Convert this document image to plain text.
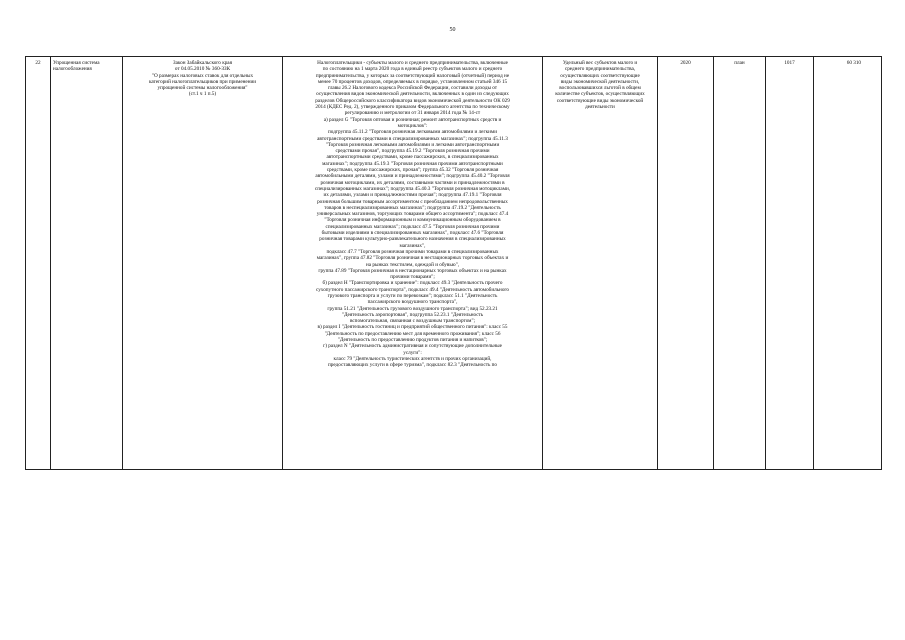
50
22	Упрощенная система
налогообложения

Закон Забайкальского края
от 04.05.2010 № 360-ЗЗК
"О размерах налоговых ставок для отдельных
категорий налогоплательщиков при применении
упрощенной системы налогообложения"
(ст.1 ч 1 п.5)

Налогоплательщики - субъекты малого и среднего предпринимательства, включенные
по состоянию на 1 марта 2020 года в единый реестр субъектов малого и среднего
предпринимательства, у которых за соответствующий налоговый (отчетный) период не
менее 70 процентов доходов, определяемых в порядке, установленном статьей 346 15
главы 26.2 Налогового кодекса Российской Федерации, составили доходы от
осуществления видов экономической деятельности, включенных в один из следующих
разделов Общероссийского классификатора видов экономической деятельности ОК 029
2014 (КДЕС Ред. 2), утвержденного приказом Федерального агентства по техническому
регулированию и метрологии от 31 января 2014 года № 14-ст
а) раздел G "Торговля оптовая и розничная; ремонт автотранспортных средств и
мотоциклов":
подгруппа 45.11.2 "Торговля розничная легковыми автомобилями и легкими
автотранспортными средствами в специализированных магазинах"; подгруппа 45.11.3
"Торговля розничная легковыми автомобилями и легкими автотранспортными
средствами прочая", подгруппа 45.19.2 "Торговля розничная прочими
автотранспортными средствами, кроме пассажирских, в специализированных
магазинах"; подгруппа 45.19.3 "Торговля розничная прочими автотранспортными
средствами, кроме пассажирских, прочая"; группа 45.32 "Торговля розничная
автомобильными деталями, узлами и принадлежностями"; подгруппа 45.40.2 "Торговля
розничная мотоциклами, их деталями, составными частями и принадлежностями в
специализированных магазинах"; подгруппа 45.40.3 "Торговля розничная мотоциклами,
их деталями, узлами и принадлежностями прочая"; подгруппа 47.19.1 "Торговля
розничная большим товарным ассортиментом с преобладанием непродовольственных
товаров в неспециализированных магазинах"; подгруппа 47.19.2 "Деятельность
универсальных магазинов, торгующих товарами общего ассортимента"; подкласс 47.4
"Торговля розничная информационным и коммуникационным оборудованием в
специализированных магазинах"; подкласс 47.5 "Торговля розничная прочими
бытовыми изделиями в специализированных магазинах", подкласс 47.6 "Торговля
розничная товарами культурно-развлекательного назначения в специализированных
магазинах",
подкласс 47.7 "Торговля розничная прочими товарами в специализированных
магазинах", группа 47.82 "Торговля розничная в нестационарных торговых объектах и
на рынках текстилем, одеждой и обувью",
группа 47.89 "Торговля розничная в нестационарных торговых объектах и на рынках
прочими товарами";
б) раздел H "Транспортировка и хранение": подкласс 49.3 "Деятельность прочего
сухопутного пассажирского транспорта", подкласс 49.4 "Деятельность автомобильного
грузового транспорта и услуги по перевозкам"; подкласс 51.1 "Деятельность
пассажирского воздушного транспорта",
группа 51.21 "Деятельность грузового воздушного транспорта"; вид 52.23.21
"Деятельность аэропортовая", подгруппа 52.23.1 "Деятельность
вспомогательная, связанная с воздушным транспортом";
в) раздел I "Деятельность гостиниц и предприятий общественного питания": класс 55
"Деятельность по предоставлению мест для временного проживания"; класс 56
"Деятельность по предоставлению продуктов питания и напитков";
г) раздел N "Деятельность административная и сопутствующие дополнительные
услуги":
класс 79 "Деятельность туристических агентств и прочих организаций,
предоставляющих услуги в сфере туризма", подкласс 82.3 "Деятельность по

Удельный вес субъектов малого и
среднего предпринимательства,
осуществляющих соответствующие
виды экономической деятельности,
воспользовавшихся льготой в общем
количестве субъектов, осуществляющих
соответствующие виды экономической
деятельности
	2020	план	1017	60 310
